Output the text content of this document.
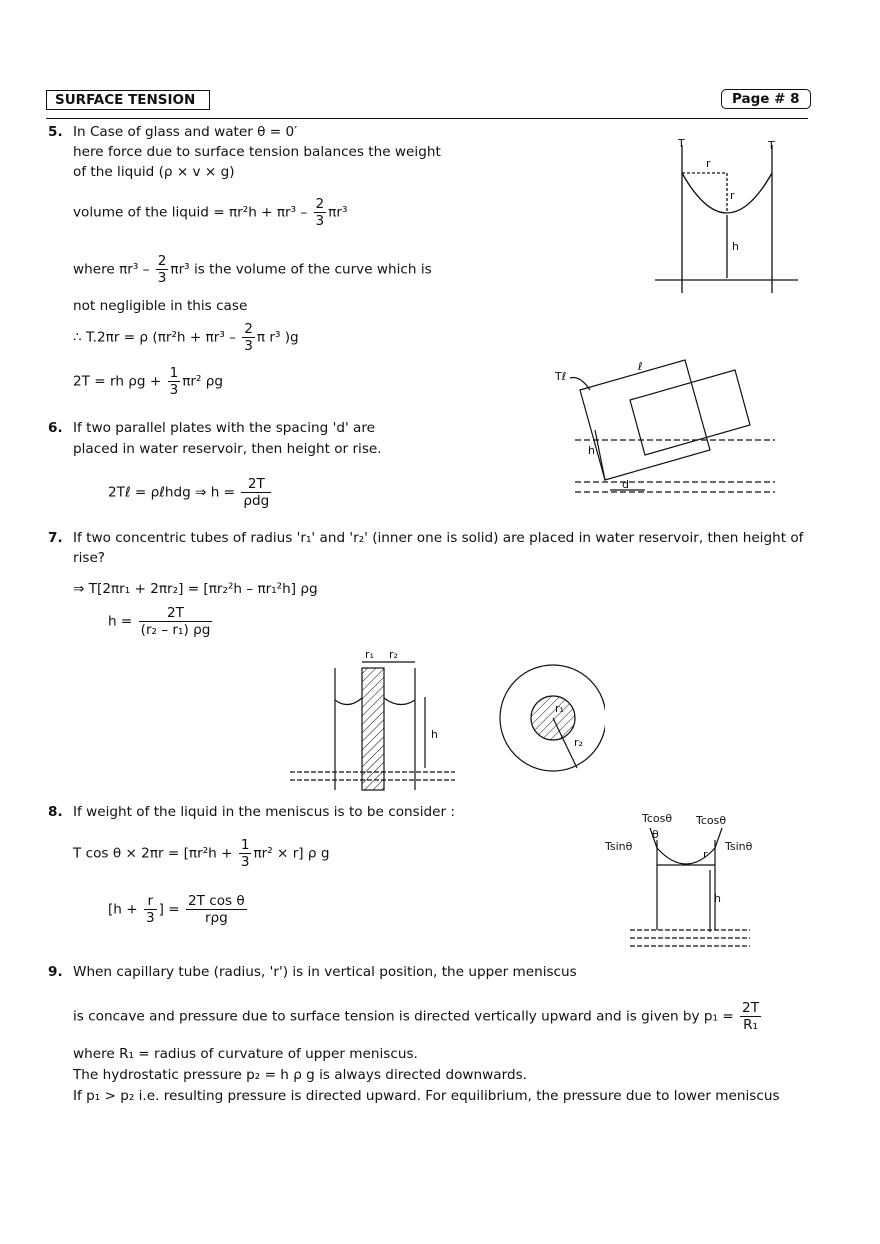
SURFACE TENSION	Page # 8
5. In Case of glass and water θ = 0′
here force due to surface tension balances the weight
of the liquid (ρ × v × g)
volume of the liquid = $\pi r^2h + \pi r^3 - \frac{2}{3} \pi r^3$
where $\pi r^3 - \frac{2}{3} \pi r^3$ is the volume of the curve which is
not negligible in this case
∴ T.2πr = ρ ($\pi r^2h + \pi r^3 - \frac{2}{3}$ π r³ )g
2T = rh $\rho g + \frac{1}{3} \pi r^2$ ρg
6. If two parallel plates with the spacing 'd' are
placed in water reservoir, then height or rise.
2Tℓ = ρℓhdg ⇒ h =
2T
ρdg
7. If two concentric tubes of radius 'r₁' and 'r₂' (inner one is solid) are placed in water reservoir, then height of
rise?
⇒ T[2πr₁ + 2πr₂] = [πr₂²h – πr₁²h] ρg
$h = \frac{2T}{\text{(r₂ – r₁) ρg}}$
8. If weight of the liquid in the meniscus is to be consider :
T $\cos \theta \times 2\pi r = [\pi r^2h + \frac{1}{3} \pi r^2 \times r]$ ρ g
[$h + \frac{r}{3}$ ] =
2T cos θ
rρg
9. When capillary tube (radius, 'r') is in vertical position, the upper meniscus
is concave and pressure due to surface tension is directed vertically upward and is given by $p_1 = \frac{2T}{\text{R₁}}$
where R₁ = radius of curvature of upper meniscus.
The hydrostatic pressure p₂ = h ρ g is always directed downwards.
If p₁ > p₂ i.e. resulting pressure is directed upward. For equilibrium, the pressure due to lower meniscus
T	T
r
r
h
Tℓ
ℓ
h
d
r₁ r₂
h
r₁
r₂
Tcosθ Tcosθ
Tsinθ	Tsinθ
θ
r
h
